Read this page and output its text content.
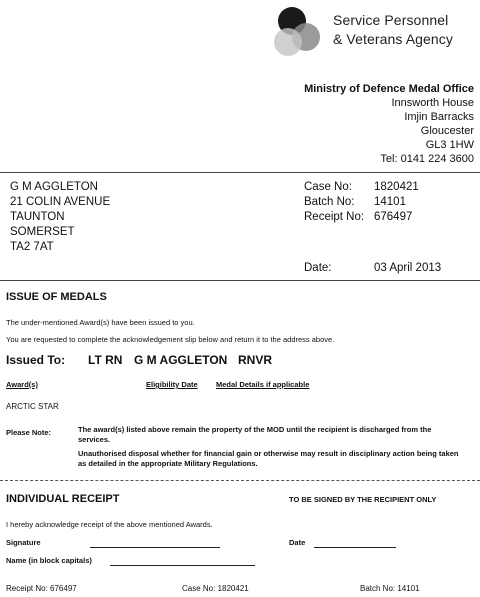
Service Personnel
& Veterans Agency
Ministry of Defence Medal Office
Innsworth House
Imjin Barracks
Gloucester
GL3 1HW
Tel: 0141 224 3600
G M AGGLETON
21 COLIN AVENUE
TAUNTON
SOMERSET
TA2 7AT
Case No:	1820421
Batch No:	14101
Receipt No: 676497
Date:	03 April 2013
ISSUE OF MEDALS
The under-mentioned Award(s) have been issued to you.
You are requested to complete the acknowledgement slip below and return it to the address above.
Issued To: LT RN G M AGGLETON RNVR
Award(s)	Eligibility Date Medal Details if applicable
ARCTIC STAR
Please Note:	The award(s) listed above remain the property of the MOD until the recipient is discharged from the services.
Unauthorised disposal whether for financial gain or otherwise may result in disciplinary action being taken as detailed in the appropriate Military Regulations.
INDIVIDUAL RECEIPT	TO BE SIGNED BY THE RECIPIENT ONLY
I hereby acknowledge receipt of the above mentioned Awards.
Signature	Date
Name (in block capitals)
Receipt No: 676497	Case No: 1820421	Batch No: 14101
